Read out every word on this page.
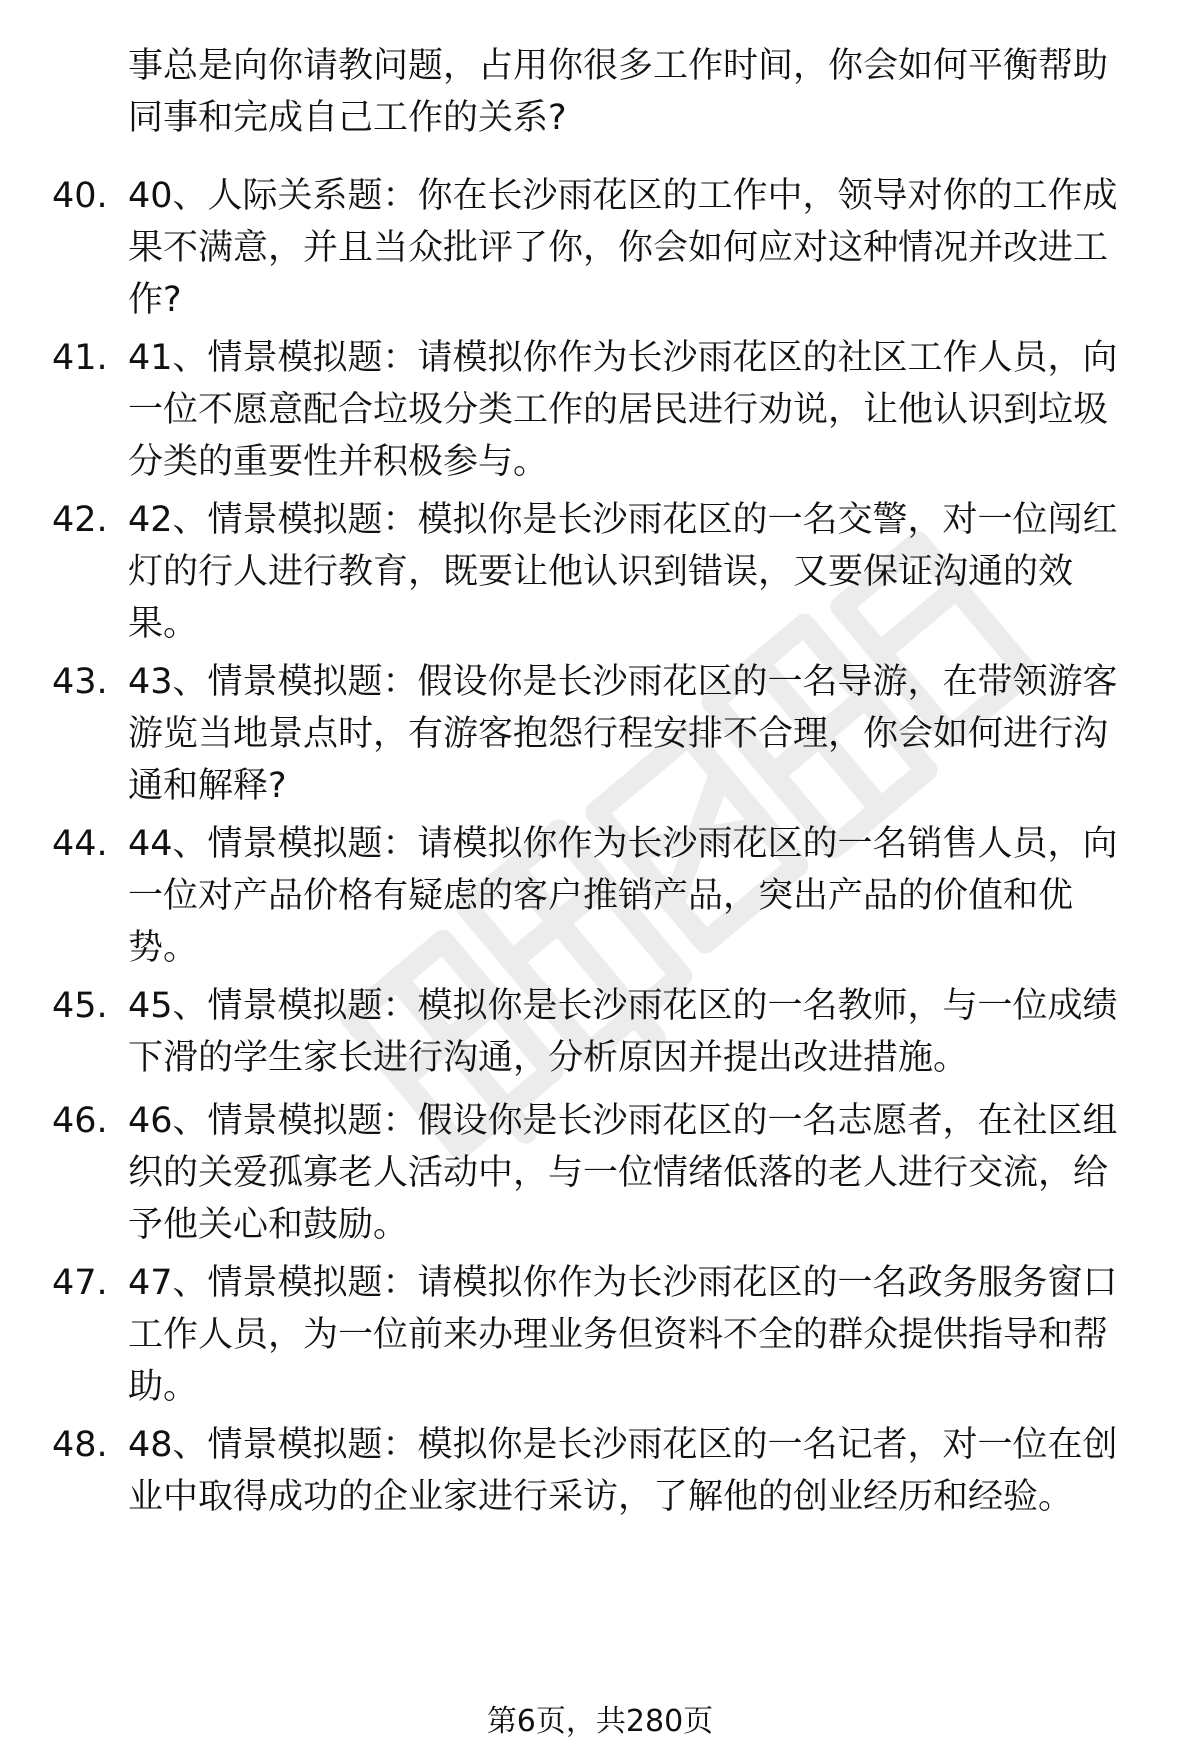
事总是向你请教问题，占用你很多工作时间，你会如何平衡帮助
同事和完成自己工作的关系?
40. 40、人际关系题：你在长沙雨花区的工作中，领导对你的工作成
果不满意，并且当众批评了你，你会如何应对这种情况并改进工
作?
41. 41、情景模拟题：请模拟你作为长沙雨花区的社区工作人员，向
一位不愿意配合垃圾分类工作的居民进行劝说，让他认识到垃圾
分类的重要性并积极参与。
42. 42、情景模拟题：模拟你是长沙雨花区的一名交警，对一位闯红
灯的行人进行教育，既要让他认识到错误，又要保证沟通的效
果。
43. 43、情景模拟题：假设你是长沙雨花区的一名导游，在带领游客
游览当地景点时，有游客抱怨行程安排不合理，你会如何进行沟
通和解释?
44. 44、情景模拟题：请模拟你作为长沙雨花区的一名销售人员，向
一位对产品价格有疑虑的客户推销产品，突出产品的价值和优
势。
45. 45、情景模拟题：模拟你是长沙雨花区的一名教师，与一位成绩
下滑的学生家长进行沟通，分析原因并提出改进措施。
46. 46、情景模拟题：假设你是长沙雨花区的一名志愿者，在社区组
织的关爱孤寡老人活动中，与一位情绪低落的老人进行交流，给
予他关心和鼓励。
47. 47、情景模拟题：请模拟你作为长沙雨花区的一名政务服务窗口
工作人员，为一位前来办理业务但资料不全的群众提供指导和帮
助。
48. 48、情景模拟题：模拟你是长沙雨花区的一名记者，对一位在创
业中取得成功的企业家进行采访，了解他的创业经历和经验。
第6页，共280页
